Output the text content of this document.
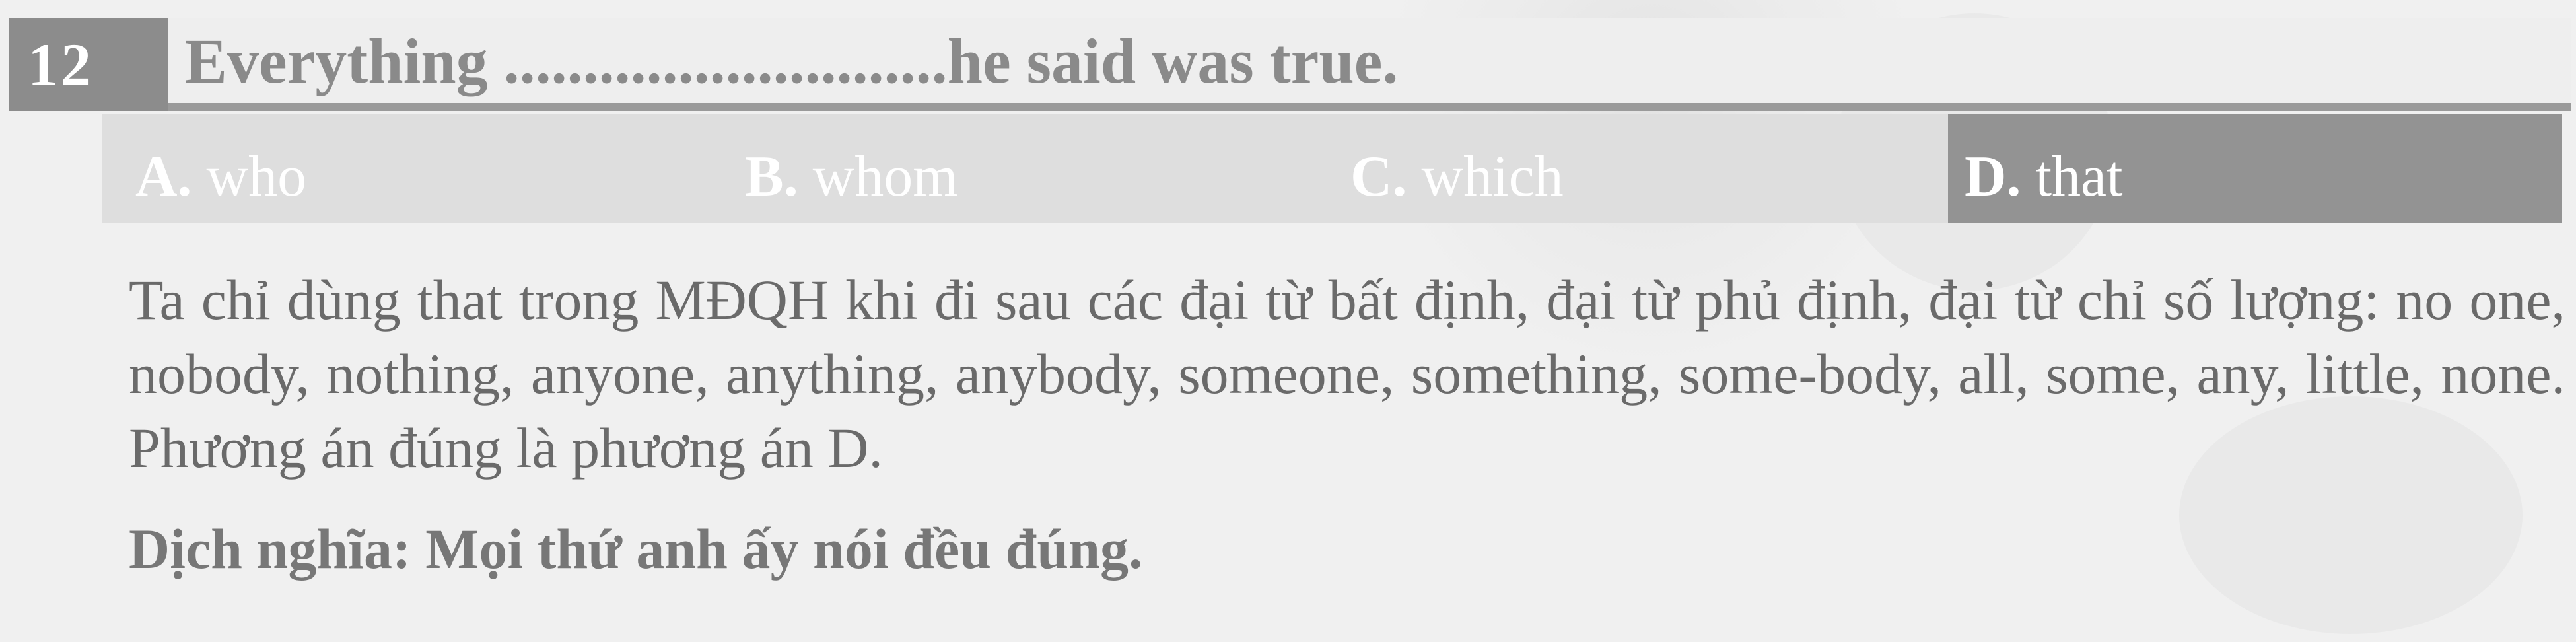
12	Everything ............................he said was true.
A. who	B. whom	C. which	D. that
Ta chỉ dùng that trong MĐQH khi đi sau các đại từ bất định, đại từ phủ định, đại từ chỉ số lượng: no one, nobody, nothing, anyone, anything, anybody, someone, something, some-body, all, some, any, little, none. Phương án đúng là phương án D.
Dịch nghĩa: Mọi thứ anh ấy nói đều đúng.
